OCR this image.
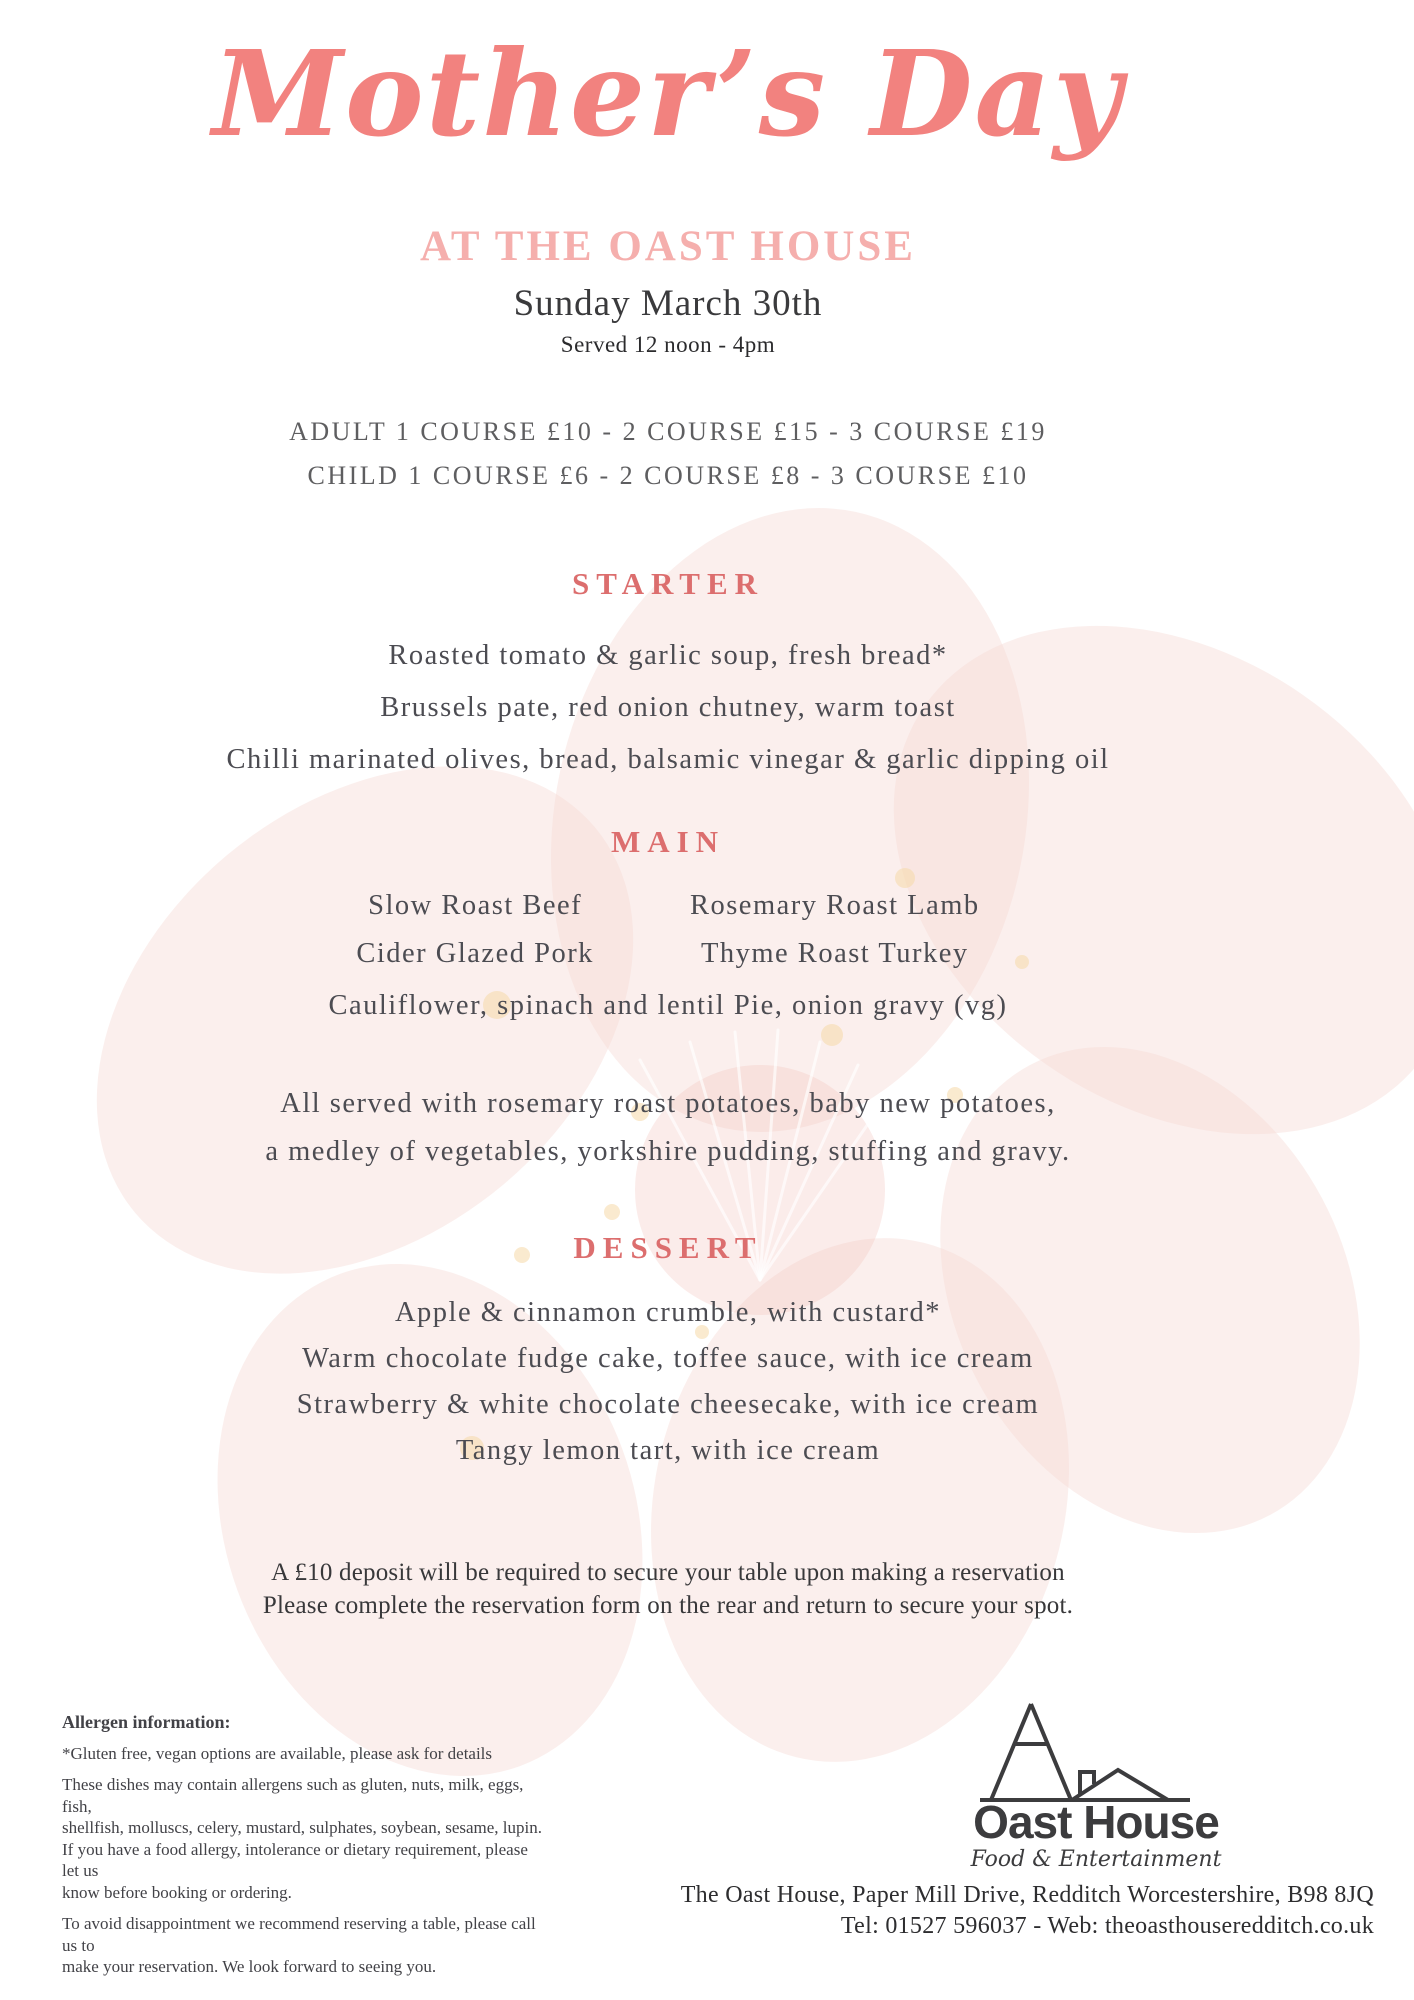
Mother’s Day
AT THE OAST HOUSE
Sunday March 30th
Served 12 noon - 4pm
ADULT 1 COURSE £10 - 2 COURSE £15 - 3 COURSE £19
CHILD 1 COURSE £6 - 2 COURSE £8 - 3 COURSE £10
STARTER
Roasted tomato & garlic soup, fresh bread*
Brussels pate, red onion chutney, warm toast
Chilli marinated olives, bread, balsamic vinegar & garlic dipping oil
MAIN
Slow Roast Beef
Cider Glazed Pork
Rosemary Roast Lamb
Thyme Roast Turkey
Cauliflower, spinach and lentil Pie, onion gravy (vg)
All served with rosemary roast potatoes, baby new potatoes,
a medley of vegetables, yorkshire pudding, stuffing and gravy.
DESSERT
Apple & cinnamon crumble, with custard*
Warm chocolate fudge cake, toffee sauce, with ice cream
Strawberry & white chocolate cheesecake, with ice cream
Tangy lemon tart, with ice cream
A £10 deposit will be required to secure your table upon making a reservation
Please complete the reservation form on the rear and return to secure your spot.
Allergen information:
*Gluten free, vegan options are available, please ask for details
These dishes may contain allergens such as gluten, nuts, milk, eggs, fish,
shellfish, molluscs, celery, mustard, sulphates, soybean, sesame, lupin.
If you have a food allergy, intolerance or dietary requirement, please let us
know before booking or ordering.
To avoid disappointment we recommend reserving a table, please call us to
make your reservation. We look forward to seeing you.
Oast House
Food & Entertainment
The Oast House, Paper Mill Drive, Redditch Worcestershire, B98 8JQ
Tel: 01527 596037 - Web: theoasthouseredditch.co.uk
